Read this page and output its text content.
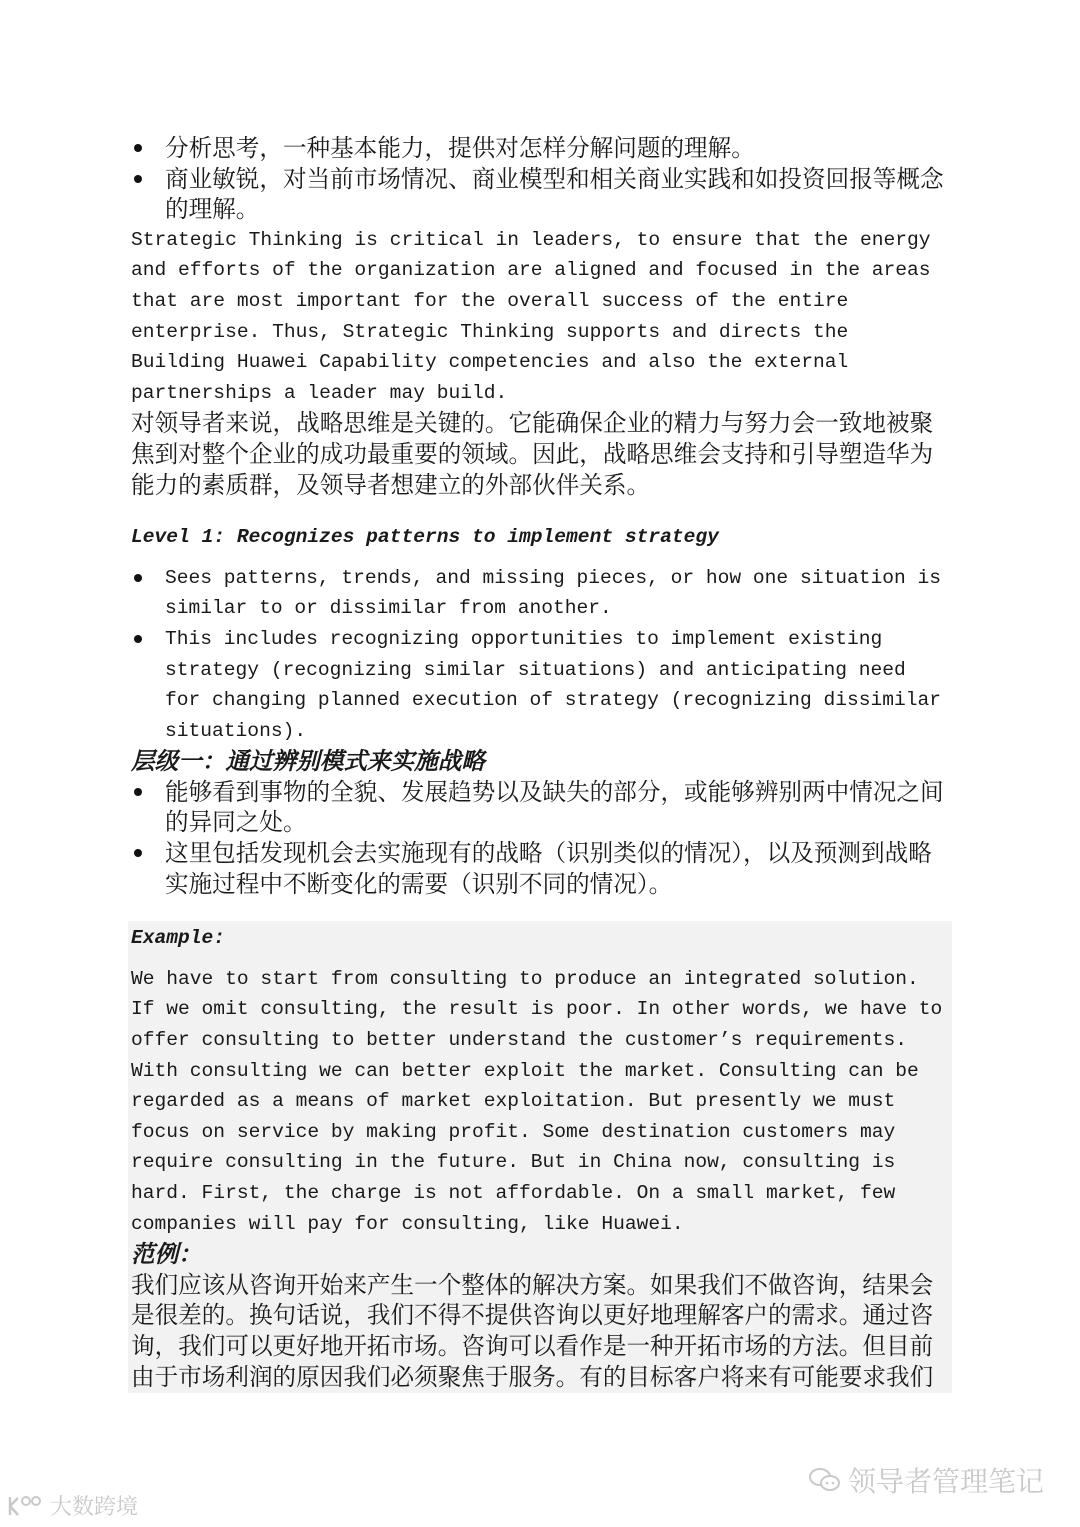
分析思考，一种基本能力，提供对怎样分解问题的理解。
商业敏锐，对当前市场情况、商业模型和相关商业实践和如投资回报等概念
的理解。
Strategic Thinking is critical in leaders, to ensure that the energy
and efforts of the organization are aligned and focused in the areas
that are most important for the overall success of the entire
enterprise. Thus, Strategic Thinking supports and directs the
Building Huawei Capability competencies and also the external
partnerships a leader may build.
对领导者来说，战略思维是关键的。它能确保企业的精力与努力会一致地被聚
焦到对整个企业的成功最重要的领域。因此，战略思维会支持和引导塑造华为
能力的素质群，及领导者想建立的外部伙伴关系。
Level 1: Recognizes patterns to implement strategy
Sees patterns, trends, and missing pieces, or how one situation is
similar to or dissimilar from another.
This includes recognizing opportunities to implement existing
strategy (recognizing similar situations) and anticipating need
for changing planned execution of strategy (recognizing dissimilar
situations).
层级一：通过辨别模式来实施战略
能够看到事物的全貌、发展趋势以及缺失的部分，或能够辨别两中情况之间
的异同之处。
这里包括发现机会去实施现有的战略（识别类似的情况），以及预测到战略
实施过程中不断变化的需要（识别不同的情况）。
Example:
We have to start from consulting to produce an integrated solution.
If we omit consulting, the result is poor. In other words, we have to
offer consulting to better understand the customer’s requirements.
With consulting we can better exploit the market. Consulting can be
regarded as a means of market exploitation. But presently we must
focus on service by making profit. Some destination customers may
require consulting in the future. But in China now, consulting is
hard. First, the charge is not affordable. On a small market, few
companies will pay for consulting, like Huawei.
范例：
我们应该从咨询开始来产生一个整体的解决方案。如果我们不做咨询，结果会
是很差的。换句话说，我们不得不提供咨询以更好地理解客户的需求。通过咨
询，我们可以更好地开拓市场。咨询可以看作是一种开拓市场的方法。但目前
由于市场利润的原因我们必须聚焦于服务。有的目标客户将来有可能要求我们
领导者管理笔记
大数跨境
